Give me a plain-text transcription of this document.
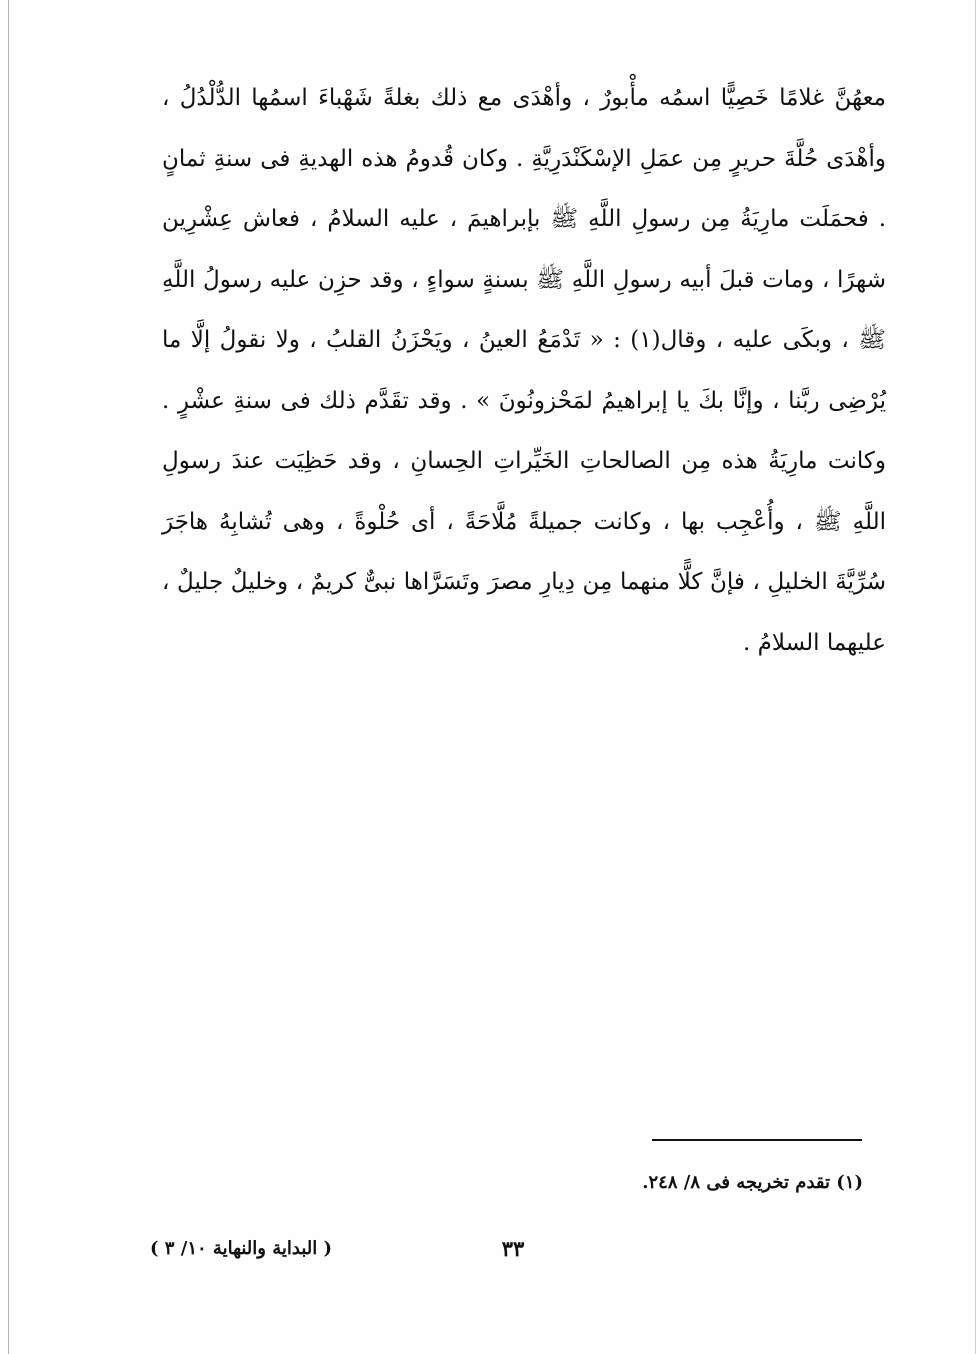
معهُنَّ غلامًا خَصِيًّا اسمُه مأْبورٌ ، وأهْدَى مع ذلك بغلةً شَهْباءَ اسمُها الدُّلْدُلُ ، وأهْدَى حُلَّةَ حريرٍ مِن عمَلِ الإسْكَنْدَرِيَّةِ . وكان قُدومُ هذه الهديةِ فى سنةِ ثمانٍ . فحمَلَت مارِيَةُ مِن رسولِ اللَّهِ ﷺ بإبراهيمَ ، عليه السلامُ ، فعاش عِشْرِين شهرًا ، ومات قبلَ أبيه رسولِ اللَّهِ ﷺ بسنةٍ سواءٍ ، وقد حزِن عليه رسولُ اللَّهِ ﷺ ، وبكَى عليه ، وقال(١) : « تَدْمَعُ العينُ ، ويَحْزَنُ القلبُ ، ولا نقولُ إلَّا ما يُرْضِى ربَّنا ، وإنَّا بكَ يا إبراهيمُ لمَحْزونُونَ » . وقد تقَدَّم ذلك فى سنةِ عشْرٍ . وكانت مارِيَةُ هذه مِن الصالحاتِ الخَيِّراتِ الحِسانِ ، وقد حَظِيَت عندَ رسولِ اللَّهِ ﷺ ، وأُعْجِب بها ، وكانت جميلةً مُلَّاحَةً ، أى حُلْوةً ، وهى تُشابِهُ هاجَرَ سُرِّيَّةَ الخليلِ ، فإنَّ كلًّا منهما مِن دِيارِ مصرَ وتَسَرَّاها نبىٌّ كريمٌ ، وخليلٌ جليلٌ ، عليهما السلامُ .

(١) تقدم تخريجه فى ٨/ ٢٤٨.
٣٣
( البداية والنهاية ١٠/ ٣ )
